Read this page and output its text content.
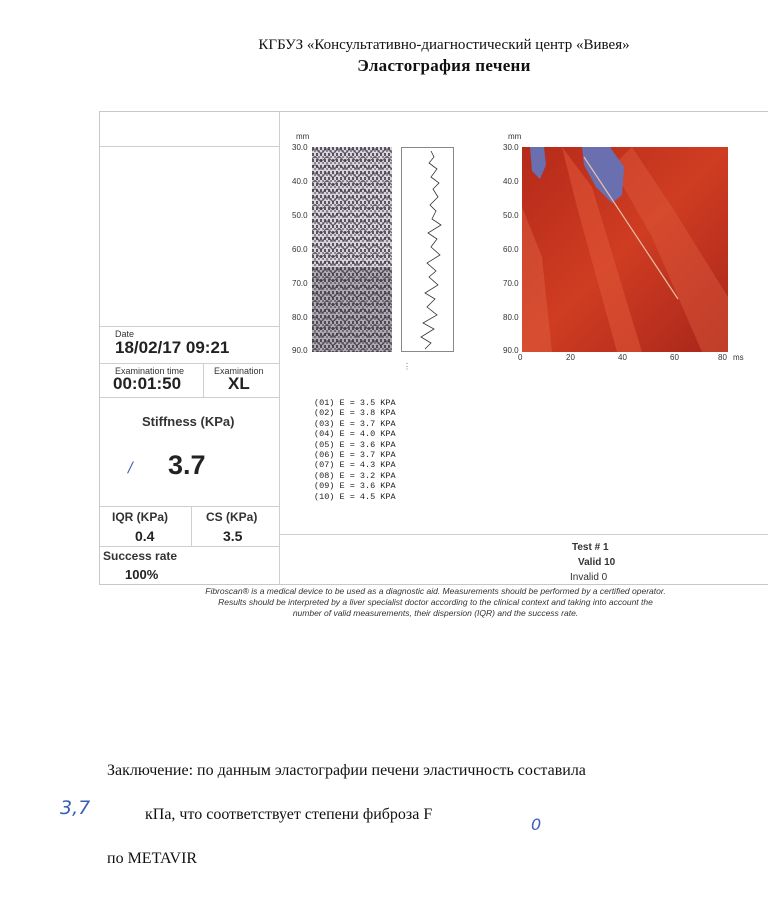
КГБУЗ «Консультативно-диагностический центр «Вивея»
Эластография печени
Date
18/02/17 09:21
Examination time
00:01:50
Examination
XL
Stiffness (KPa)
/ 3.7
IQR (KPa)
0.4
CS (KPa)
3.5
Success rate
100%
Test # 1
Valid 10
Invalid 0
mm
30.0
40.0
50.0
60.0
70.0
80.0
90.0
⋮
mm
30.0
40.0
50.0
60.0
70.0
80.0
90.0
0	20	40	60	80 ms
(01) E = 3.5 KPA
(02) E = 3.8 KPA
(03) E = 3.7 KPA
(04) E = 4.0 KPA
(05) E = 3.6 KPA
(06) E = 3.7 KPA
(07) E = 4.3 KPA
(08) E = 3.2 KPA
(09) E = 3.6 KPA
(10) E = 4.5 KPA
Fibroscan® is a medical device to be used as a diagnostic aid. Measurements should be performed by a certified operator.
Results should be interpreted by a liver specialist doctor according to the clinical context and taking into account the
number of valid measurements, their dispersion (IQR) and the success rate.
Заключение: по данным эластографии печени эластичность составила
3,7	кПа, что соответствует степени фиброза F
0
по METAVIR
